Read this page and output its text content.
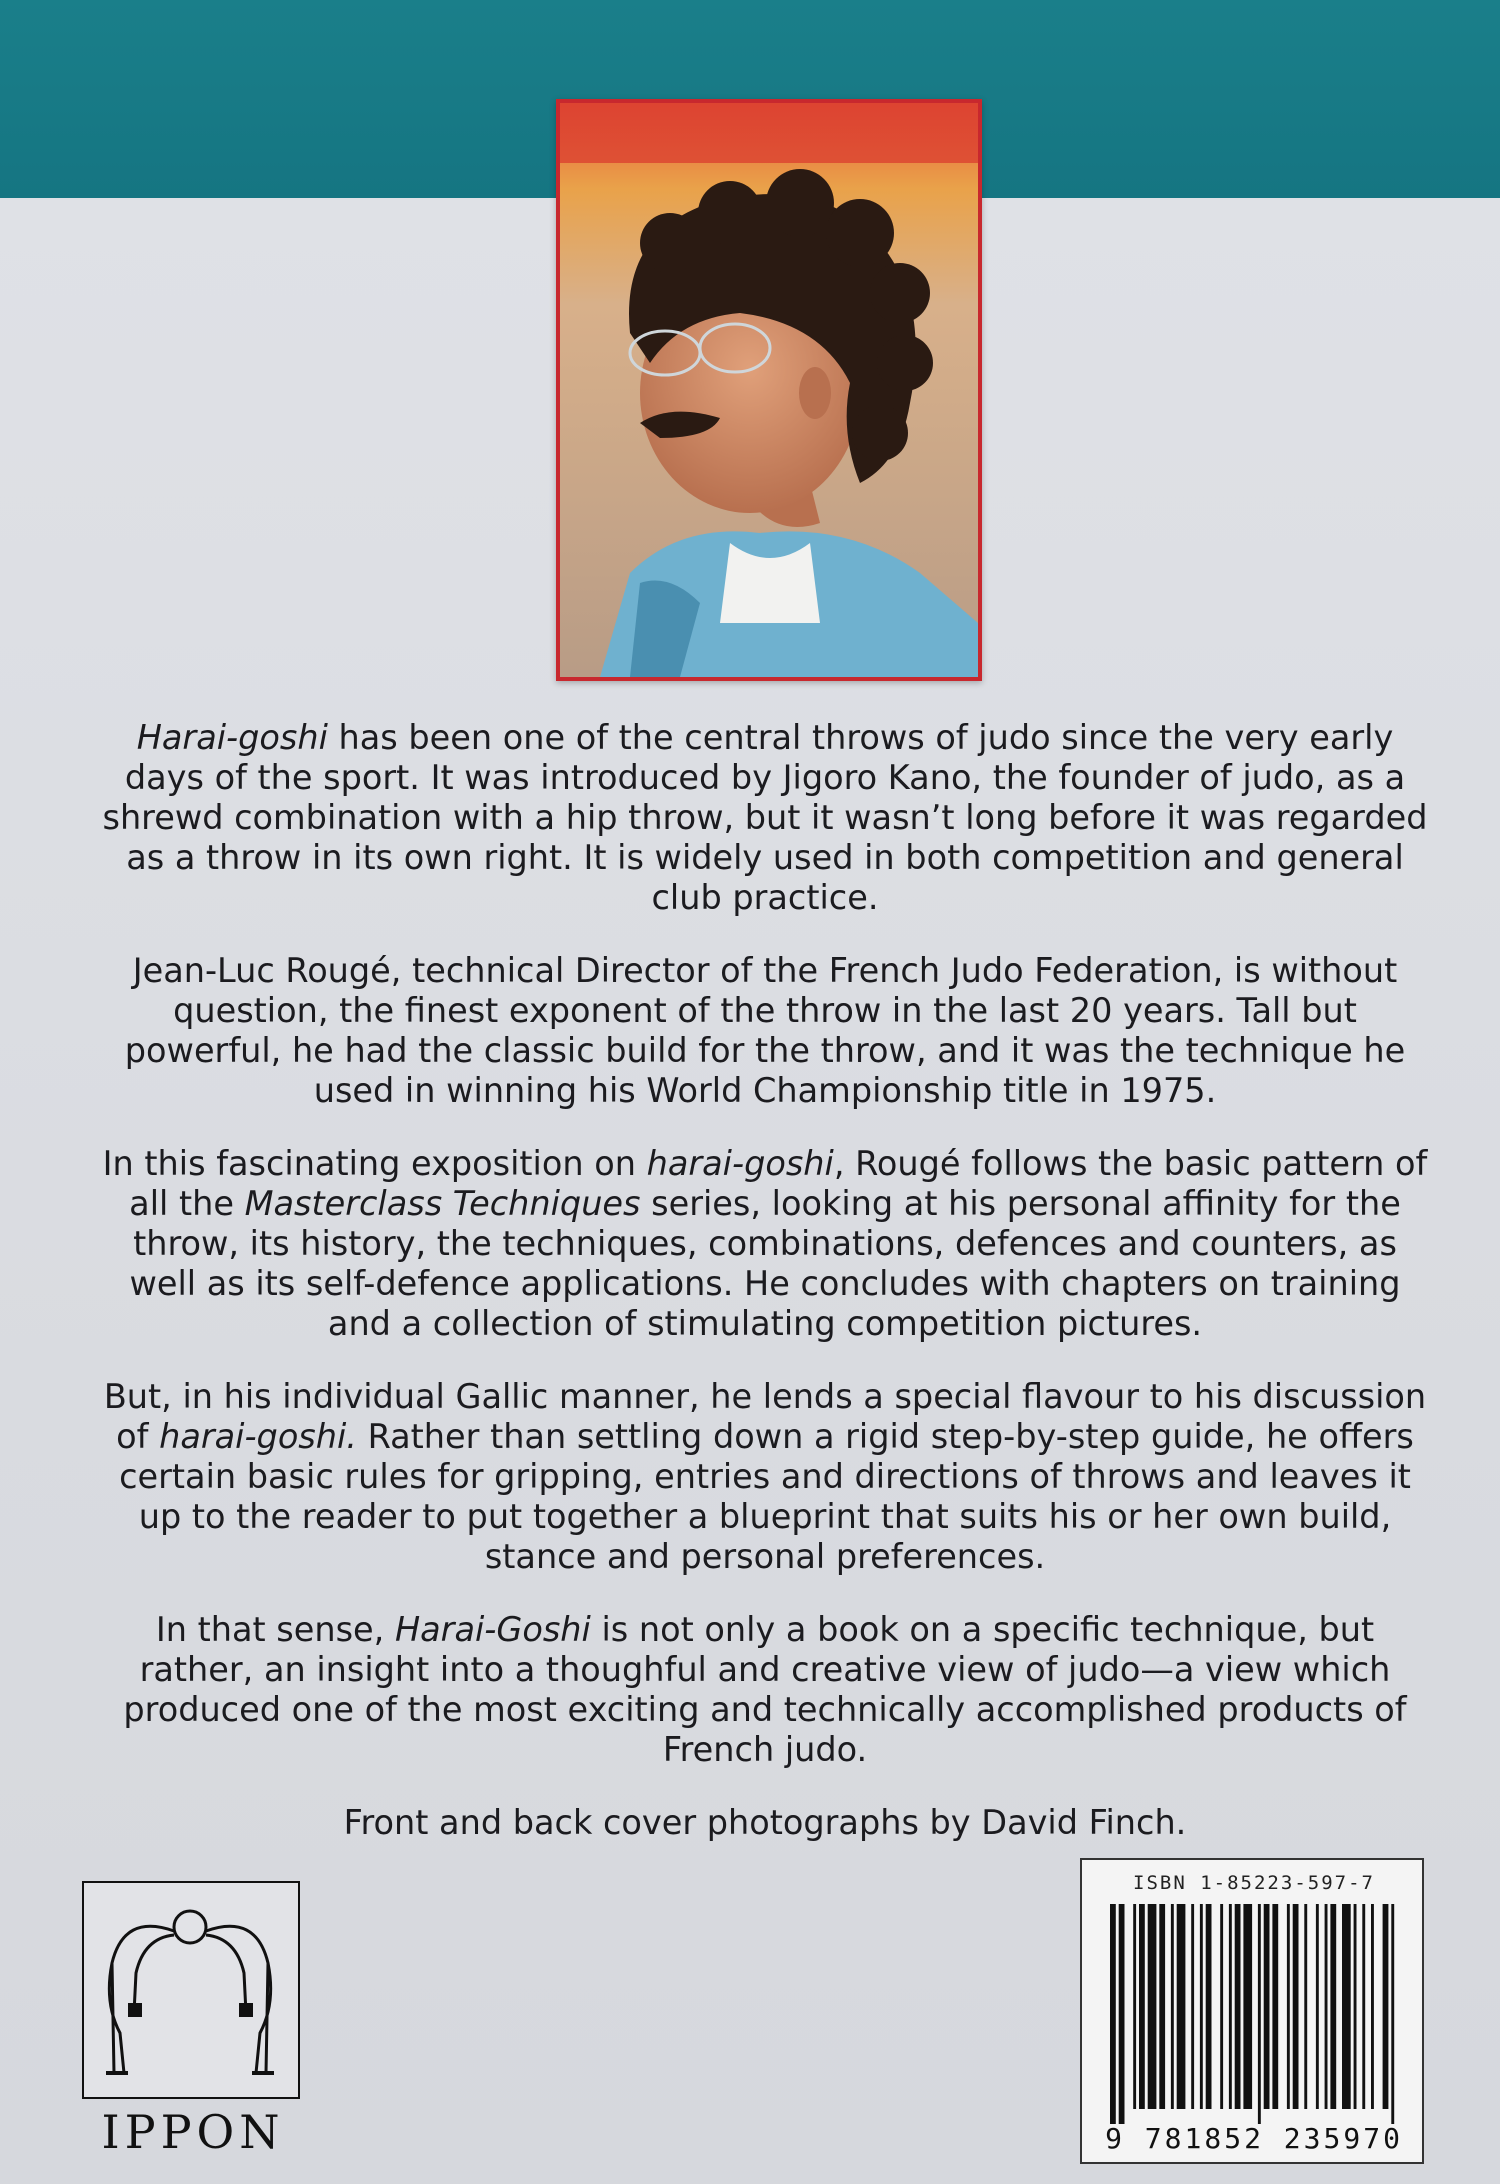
Harai-goshi has been one of the central throws of judo since the very early days of the sport. It was introduced by Jigoro Kano, the founder of judo, as a shrewd combination with a hip throw, but it wasn’t long before it was regarded as a throw in its own right. It is widely used in both competition and general club practice.

Jean-Luc Rougé, technical Director of the French Judo Federation, is without question, the finest exponent of the throw in the last 20 years. Tall but powerful, he had the classic build for the throw, and it was the technique he used in winning his World Championship title in 1975.

In this fascinating exposition on harai-goshi, Rougé follows the basic pattern of all the Masterclass Techniques series, looking at his personal affinity for the throw, its history, the techniques, combinations, defences and counters, as well as its self-defence applications. He concludes with chapters on training and a collection of stimulating competition pictures.

But, in his individual Gallic manner, he lends a special flavour to his discussion of harai-goshi. Rather than settling down a rigid step-by-step guide, he offers certain basic rules for gripping, entries and directions of throws and leaves it up to the reader to put together a blueprint that suits his or her own build, stance and personal preferences.

In that sense, Harai-Goshi is not only a book on a specific technique, but rather, an insight into a thoughful and creative view of judo—a view which produced one of the most exciting and technically accomplished products of French judo.

Front and back cover photographs by David Finch.

IPPON
ISBN 1-85223-597-7
9 781852 235970
